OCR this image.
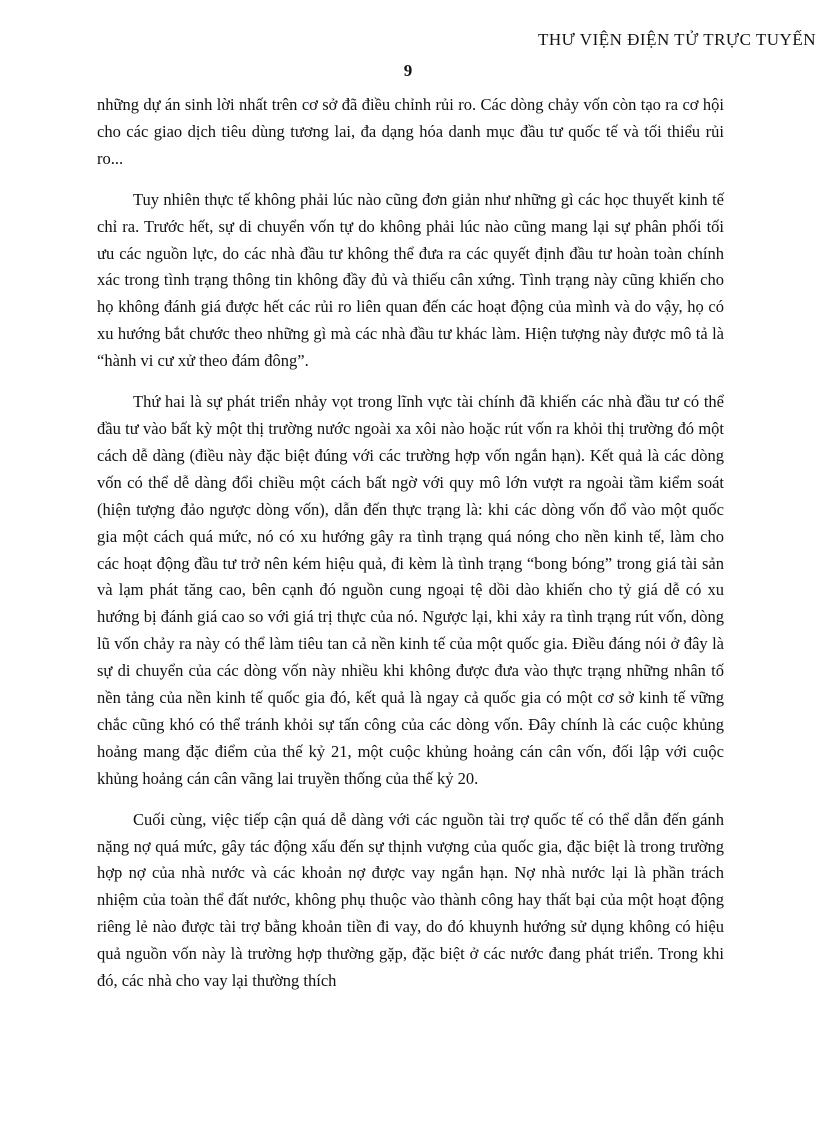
THƯ VIỆN ĐIỆN TỬ TRỰC TUYẾN
9

những dự án sinh lời nhất trên cơ sở đã điều chỉnh rủi ro. Các dòng chảy vốn còn tạo ra cơ hội cho các giao dịch tiêu dùng tương lai, đa dạng hóa danh mục đầu tư quốc tế và tối thiểu rủi ro...

Tuy nhiên thực tế không phải lúc nào cũng đơn giản như những gì các học thuyết kinh tế chỉ ra. Trước hết, sự di chuyển vốn tự do không phải lúc nào cũng mang lại sự phân phối tối ưu các nguồn lực, do các nhà đầu tư không thể đưa ra các quyết định đầu tư hoàn toàn chính xác trong tình trạng thông tin không đầy đủ và thiếu cân xứng. Tình trạng này cũng khiến cho họ không đánh giá được hết các rủi ro liên quan đến các hoạt động của mình và do vậy, họ có xu hướng bắt chước theo những gì mà các nhà đầu tư khác làm. Hiện tượng này được mô tả là “hành vi cư xử theo đám đông”.

Thứ hai là sự phát triển nhảy vọt trong lĩnh vực tài chính đã khiến các nhà đầu tư có thể đầu tư vào bất kỳ một thị trường nước ngoài xa xôi nào hoặc rút vốn ra khỏi thị trường đó một cách dễ dàng (điều này đặc biệt đúng với các trường hợp vốn ngắn hạn). Kết quả là các dòng vốn có thể dễ dàng đổi chiều một cách bất ngờ với quy mô lớn vượt ra ngoài tầm kiểm soát (hiện tượng đảo ngược dòng vốn), dẫn đến thực trạng là: khi các dòng vốn đổ vào một quốc gia một cách quá mức, nó có xu hướng gây ra tình trạng quá nóng cho nền kinh tế, làm cho các hoạt động đầu tư trở nên kém hiệu quả, đi kèm là tình trạng “bong bóng” trong giá tài sản và lạm phát tăng cao, bên cạnh đó nguồn cung ngoại tệ dồi dào khiến cho tỷ giá dễ có xu hướng bị đánh giá cao so với giá trị thực của nó. Ngược lại, khi xảy ra tình trạng rút vốn, dòng lũ vốn chảy ra này có thể làm tiêu tan cả nền kinh tế của một quốc gia. Điều đáng nói ở đây là sự di chuyển của các dòng vốn này nhiều khi không được đưa vào thực trạng những nhân tố nền tảng của nền kinh tế quốc gia đó, kết quả là ngay cả quốc gia có một cơ sở kinh tế vững chắc cũng khó có thể tránh khỏi sự tấn công của các dòng vốn. Đây chính là các cuộc khủng hoảng mang đặc điểm của thế kỷ 21, một cuộc khủng hoảng cán cân vốn, đối lập với cuộc khủng hoảng cán cân vãng lai truyền thống của thế kỷ 20.

Cuối cùng, việc tiếp cận quá dễ dàng với các nguồn tài trợ quốc tế có thể dẫn đến gánh nặng nợ quá mức, gây tác động xấu đến sự thịnh vượng của quốc gia, đặc biệt là trong trường hợp nợ của nhà nước và các khoản nợ được vay ngắn hạn. Nợ nhà nước lại là phần trách nhiệm của toàn thể đất nước, không phụ thuộc vào thành công hay thất bại của một hoạt động riêng lẻ nào được tài trợ bằng khoản tiền đi vay, do đó khuynh hướng sử dụng không có hiệu quả nguồn vốn này là trường hợp thường gặp, đặc biệt ở các nước đang phát triển. Trong khi đó, các nhà cho vay lại thường thích
